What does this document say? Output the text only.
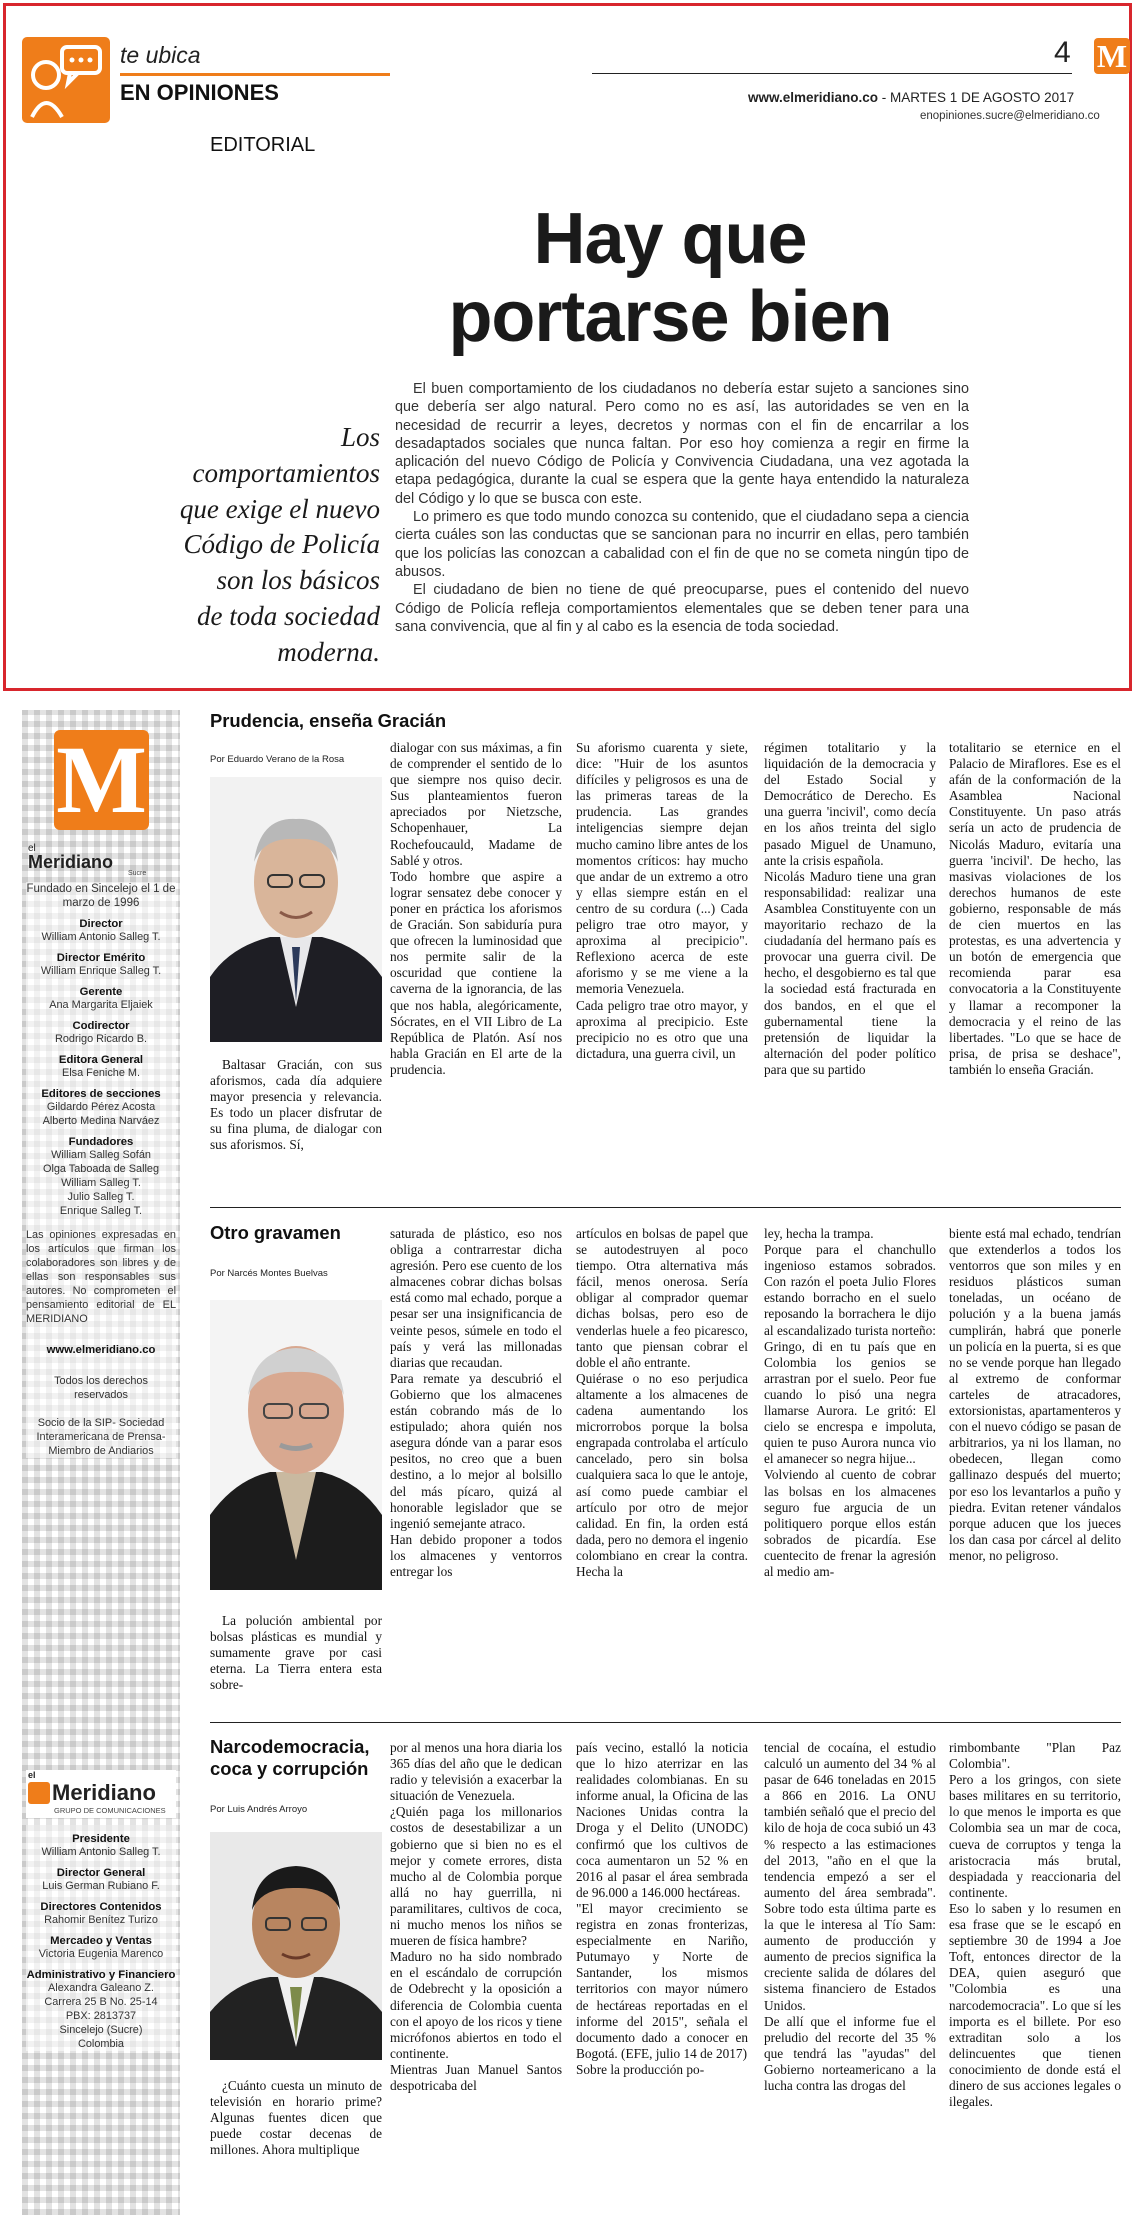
te ubica
EN OPINIONES
4 M
www.elmeridiano.co - MARTES 1 DE AGOSTO 2017
enopiniones.sucre@elmeridiano.co
EDITORIAL
Hay que
portarse bien
Los
comportamientos
que exige el nuevo
Código de Policía
son los básicos
de toda sociedad
moderna.

El buen comportamiento de los ciudadanos no debería estar sujeto a sanciones sino que debería ser algo natural. Pero como no es así, las autoridades se ven en la necesidad de recurrir a leyes, decretos y normas con el fin de encarrilar a los desadaptados sociales que nunca faltan. Por eso hoy comienza a regir en firme la aplicación del nuevo Código de Policía y Convivencia Ciudadana, una vez agotada la etapa pedagógica, durante la cual se espera que la gente haya entendido la naturaleza del Código y lo que se busca con este.

Lo primero es que todo mundo conozca su contenido, que el ciudadano sepa a ciencia cierta cuáles son las conductas que se sancionan para no incurrir en ellas, pero también que los policías las conozcan a cabalidad con el fin de que no se cometa ningún tipo de abusos.

El ciudadano de bien no tiene de qué preocuparse, pues el contenido del nuevo Código de Policía refleja comportamientos elementales que se deben tener para una sana convivencia, que al fin y al cabo es la esencia de toda sociedad.

M
el
Meridiano
Sucre
Fundado en Sincelejo el 1 de marzo de 1996
Director
William Antonio Salleg T.
Director Emérito
William Enrique Salleg T.
Gerente
Ana Margarita Eljaiek
Codirector
Rodrigo Ricardo B.
Editora General
Elsa Feniche M.
Editores de secciones
Gildardo Pérez Acosta
Alberto Medina Narváez
Fundadores
William Salleg Sofán
Olga Taboada de Salleg
William Salleg T.
Julio Salleg T.
Enrique Salleg T.
Las opiniones expresadas en los artículos que firman los colaboradores son libres y de ellas son responsables sus autores. No comprometen el pensamiento editorial de EL MERIDIANO
www.elmeridiano.co
Todos los derechos reservados
Socio de la SIP- Sociedad Interamericana de Prensa- Miembro de Andiarios
el
Meridiano
GRUPO DE COMUNICACIONES
Presidente
William Antonio Salleg T.
Director General
Luis German Rubiano F.
Directores Contenidos
Rahomir Benítez Turizo
Mercadeo y Ventas
Victoria Eugenia Marenco
Administrativo y Financiero
Alexandra Galeano Z.
Carrera 25 B No. 25-14
PBX: 2813737
Sincelejo (Sucre)
Colombia
Prudencia, enseña Gracián
Por Eduardo Verano de la Rosa

Baltasar Gracián, con sus aforismos, cada día adquiere mayor presencia y relevancia. Es todo un placer disfrutar de su fina pluma, de dialogar con sus aforismos. Sí,

dialogar con sus máximas, a fin de comprender el sentido de lo que siempre nos quiso decir. Sus planteamientos fueron apreciados por Nietzsche, Schopenhauer, La Rochefoucauld, Madame de Sablé y otros.
Todo hombre que aspire a lograr sensatez debe conocer y poner en práctica los aforismos de Gracián. Son sabiduría pura que ofrecen la luminosidad que nos permite salir de la oscuridad que contiene la caverna de la ignorancia, de las que nos habla, alegóricamente, Sócrates, en el VII Libro de La República de Platón. Así nos habla Gracián en El arte de la prudencia.
Su aforismo cuarenta y siete, dice: "Huir de los asuntos difíciles y peligrosos es una de las primeras tareas de la prudencia. Las grandes inteligencias siempre dejan mucho camino libre antes de los momentos críticos: hay mucho que andar de un extremo a otro y ellas siempre están en el centro de su cordura (...) Cada peligro trae otro mayor, y aproxima al precipicio". Reflexiono acerca de este aforismo y se me viene a la memoria Venezuela.
Cada peligro trae otro mayor, y aproxima al precipicio. Este precipicio no es otro que una dictadura, una guerra civil, un
régimen totalitario y la liquidación de la democracia y del Estado Social y Democrático de Derecho. Es una guerra 'incivil', como decía en los años treinta del siglo pasado Miguel de Unamuno, ante la crisis española.
Nicolás Maduro tiene una gran responsabilidad: realizar una Asamblea Constituyente con un mayoritario rechazo de la ciudadanía del hermano país es provocar una guerra civil. De hecho, el desgobierno es tal que la sociedad está fracturada en dos bandos, en el que el gubernamental tiene la pretensión de liquidar la alternación del poder político para que su partido
totalitario se eternice en el Palacio de Miraflores. Ese es el afán de la conformación de la Asamblea Nacional Constituyente. Un paso atrás sería un acto de prudencia de Nicolás Maduro, evitaría una guerra 'incivil'. De hecho, las masivas violaciones de los derechos humanos de este gobierno, responsable de más de cien muertos en las protestas, es una advertencia y un botón de emergencia que recomienda parar esa convocatoria a la Constituyente y llamar a recomponer la democracia y el reino de las libertades. "Lo que se hace de prisa, de prisa se deshace", también lo enseña Gracián.
Otro gravamen
Por Narcés Montes Buelvas

La polución ambiental por bolsas plásticas es mundial y sumamente grave por casi eterna. La Tierra entera esta sobre-

saturada de plástico, eso nos obliga a contrarrestar dicha agresión. Pero ese cuento de los almacenes cobrar dichas bolsas está como mal echado, porque a pesar ser una insignificancia de veinte pesos, súmele en todo el país y verá las millonadas diarias que recaudan.
Para remate ya descubrió el Gobierno que los almacenes están cobrando más de lo estipulado; ahora quién nos asegura dónde van a parar esos pesitos, no creo que a buen destino, a lo mejor al bolsillo del más pícaro, quizá al honorable legislador que se ingenió semejante atraco.
Han debido proponer a todos los almacenes y ventorros entregar los
artículos en bolsas de papel que se autodestruyen al poco tiempo. Otra alternativa más fácil, menos onerosa. Sería obligar al comprador quemar dichas bolsas, pero eso de venderlas huele a feo picaresco, tanto que piensan cobrar el doble el año entrante.
Quiérase o no eso perjudica altamente a los almacenes de cadena aumentando los microrrobos porque la bolsa engrapada controlaba el artículo cancelado, pero sin bolsa cualquiera saca lo que le antoje, así como puede cambiar el artículo por otro de mejor calidad. En fin, la orden está dada, pero no demora el ingenio colombiano en crear la contra. Hecha la
ley, hecha la trampa.
Porque para el chanchullo ingenioso estamos sobrados. Con razón el poeta Julio Flores estando borracho en el suelo reposando la borrachera le dijo al escandalizado turista norteño: Gringo, di en tu país que en Colombia los genios se arrastran por el suelo. Peor fue cuando lo pisó una negra llamarse Aurora. Le gritó: El cielo se encrespa e impoluta, quien te puso Aurora nunca vio el amanecer so negra hijue...
Volviendo al cuento de cobrar las bolsas en los almacenes seguro fue argucia de un politiquero porque ellos están sobrados de picardía. Ese cuentecito de frenar la agresión al medio am-
biente está mal echado, tendrían que extenderlos a todos los ventorros que son miles y en residuos plásticos suman toneladas, un océano de polución y a la buena jamás cumplirán, habrá que ponerle un policía en la puerta, si es que no se vende porque han llegado al extremo de conformar carteles de atracadores, extorsionistas, apartamenteros y con el nuevo código se pasan de arbitrarios, ya ni los llaman, no obedecen, llegan como gallinazo después del muerto; por eso los levantarlos a puño y piedra. Evitan retener vándalos porque aducen que los jueces los dan casa por cárcel al delito menor, no peligroso.
Narcodemocracia,
coca y corrupción
Por Luis Andrés Arroyo

¿Cuánto cuesta un minuto de televisión en horario prime? Algunas fuentes dicen que puede costar decenas de millones. Ahora multiplique

por al menos una hora diaria los 365 días del año que le dedican radio y televisión a exacerbar la situación de Venezuela.
¿Quién paga los millonarios costos de desestabilizar a un gobierno que si bien no es el mejor y comete errores, dista mucho al de Colombia porque allá no hay guerrilla, ni paramilitares, cultivos de coca, ni mucho menos los niños se mueren de física hambre?
Maduro no ha sido nombrado en el escándalo de corrupción de Odebrecht y la oposición a diferencia de Colombia cuenta con el apoyo de los ricos y tiene micrófonos abiertos en todo el continente.
Mientras Juan Manuel Santos despotricaba del
país vecino, estalló la noticia que lo hizo aterrizar en las realidades colombianas. En su informe anual, la Oficina de las Naciones Unidas contra la Droga y el Delito (UNODC) confirmó que los cultivos de coca aumentaron un 52 % en 2016 al pasar el área sembrada de 96.000 a 146.000 hectáreas.
"El mayor crecimiento se registra en zonas fronterizas, especialmente en Nariño, Putumayo y Norte de Santander, los mismos territorios con mayor número de hectáreas reportadas en el informe del 2015", señala el documento dado a conocer en Bogotá. (EFE, julio 14 de 2017)
Sobre la producción po-
tencial de cocaína, el estudio calculó un aumento del 34 % al pasar de 646 toneladas en 2015 a 866 en 2016. La ONU también señaló que el precio del kilo de hoja de coca subió un 43 % respecto a las estimaciones del 2013, "año en el que la tendencia empezó a ser el aumento del área sembrada". Sobre todo esta última parte es la que le interesa al Tío Sam: aumento de producción y aumento de precios significa la creciente salida de dólares del sistema financiero de Estados Unidos.
De allí que el informe fue el preludio del recorte del 35 % que tendrá las "ayudas" del Gobierno norteamericano a la lucha contra las drogas del
rimbombante "Plan Paz Colombia".
Pero a los gringos, con siete bases militares en su territorio, lo que menos le importa es que Colombia sea un mar de coca, cueva de corruptos y tenga la aristocracia más brutal, despiadada y reaccionaria del continente.
Eso lo saben y lo resumen en esa frase que se le escapó en septiembre 30 de 1994 a Joe Toft, entonces director de la DEA, quien aseguró que "Colombia es una narcodemocracia". Lo que sí les importa es el billete. Por eso extraditan solo a los delincuentes que tienen conocimiento de donde está el dinero de sus acciones legales o ilegales.
